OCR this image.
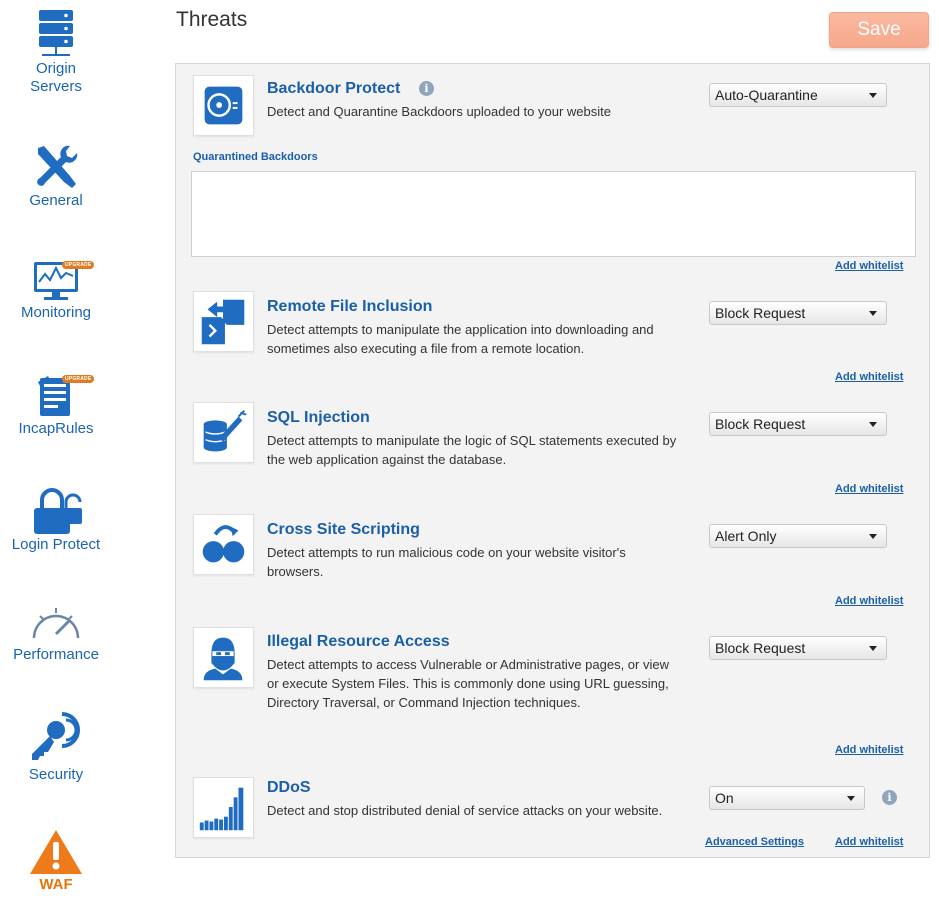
Origin
Servers
General
UPGRADE
Monitoring
UPGRADE
IncapRules
Login Protect
Performance
Security
WAF
Threats	Save
Backdoor Protect	i
Detect and Quarantine Backdoors uploaded to your website
Auto-Quarantine
Quarantined Backdoors
Add whitelist
Remote File Inclusion
Detect attempts to manipulate the application into downloading and sometimes also executing a file from a remote location.
Block Request
Add whitelist
SQL Injection
Detect attempts to manipulate the logic of SQL statements executed by the web application against the database.
Block Request
Add whitelist
Cross Site Scripting
Detect attempts to run malicious code on your website visitor's browsers.
Alert Only
Add whitelist
Illegal Resource Access
Detect attempts to access Vulnerable or Administrative pages, or view or execute System Files. This is commonly done using URL guessing, Directory Traversal, or Command Injection techniques.
Block Request
Add whitelist
DDoS
Detect and stop distributed denial of service attacks on your website.
On	i
Advanced Settings	Add whitelist
